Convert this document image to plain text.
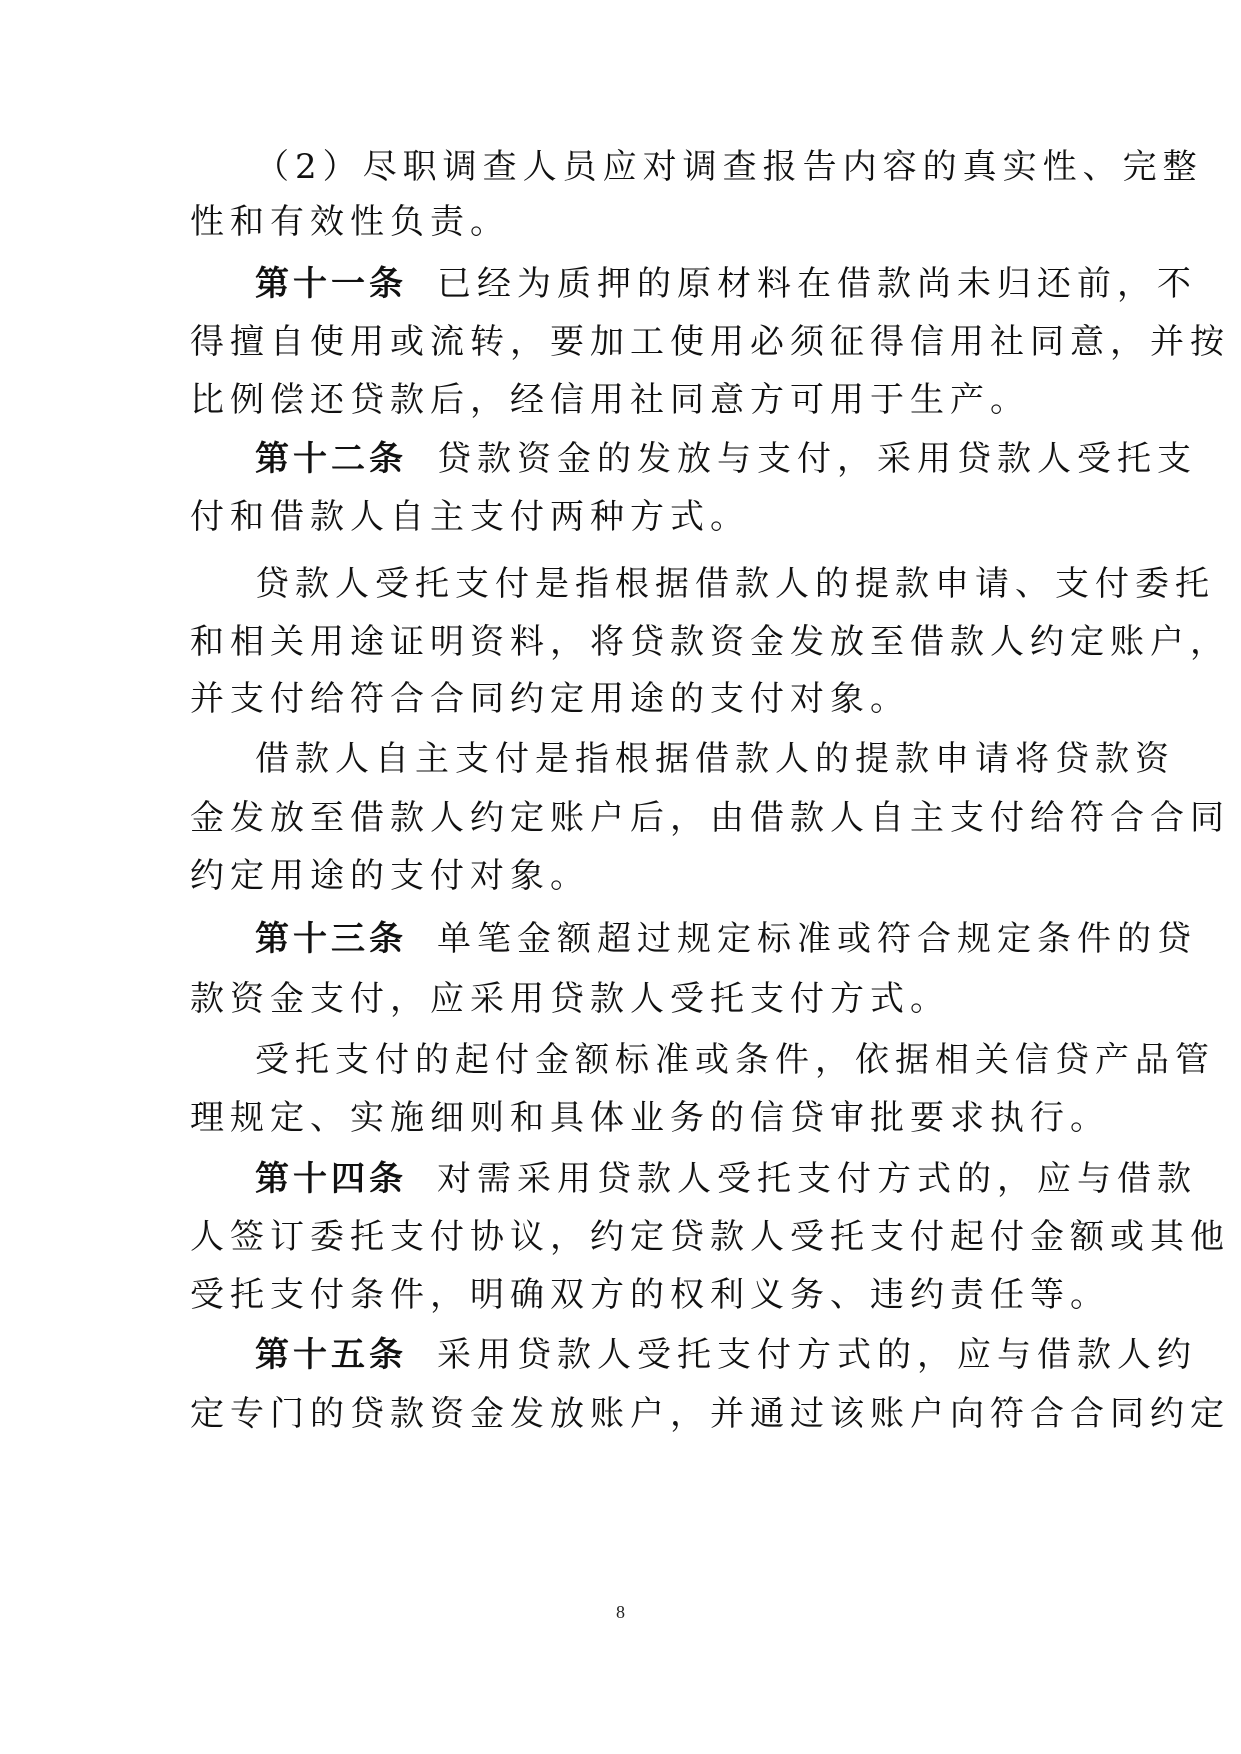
（2）尽职调查人员应对调查报告内容的真实性、完整
性和有效性负责。
第十一条 已经为质押的原材料在借款尚未归还前，不
得擅自使用或流转，要加工使用必须征得信用社同意，并按
比例偿还贷款后，经信用社同意方可用于生产。
第十二条 贷款资金的发放与支付，采用贷款人受托支
付和借款人自主支付两种方式。
贷款人受托支付是指根据借款人的提款申请、支付委托
和相关用途证明资料，将贷款资金发放至借款人约定账户，
并支付给符合合同约定用途的支付对象。
借款人自主支付是指根据借款人的提款申请将贷款资
金发放至借款人约定账户后，由借款人自主支付给符合合同
约定用途的支付对象。
第十三条 单笔金额超过规定标准或符合规定条件的贷
款资金支付，应采用贷款人受托支付方式。
受托支付的起付金额标准或条件，依据相关信贷产品管
理规定、实施细则和具体业务的信贷审批要求执行。
第十四条 对需采用贷款人受托支付方式的，应与借款
人签订委托支付协议，约定贷款人受托支付起付金额或其他
受托支付条件，明确双方的权利义务、违约责任等。
第十五条 采用贷款人受托支付方式的，应与借款人约
定专门的贷款资金发放账户，并通过该账户向符合合同约定
8
